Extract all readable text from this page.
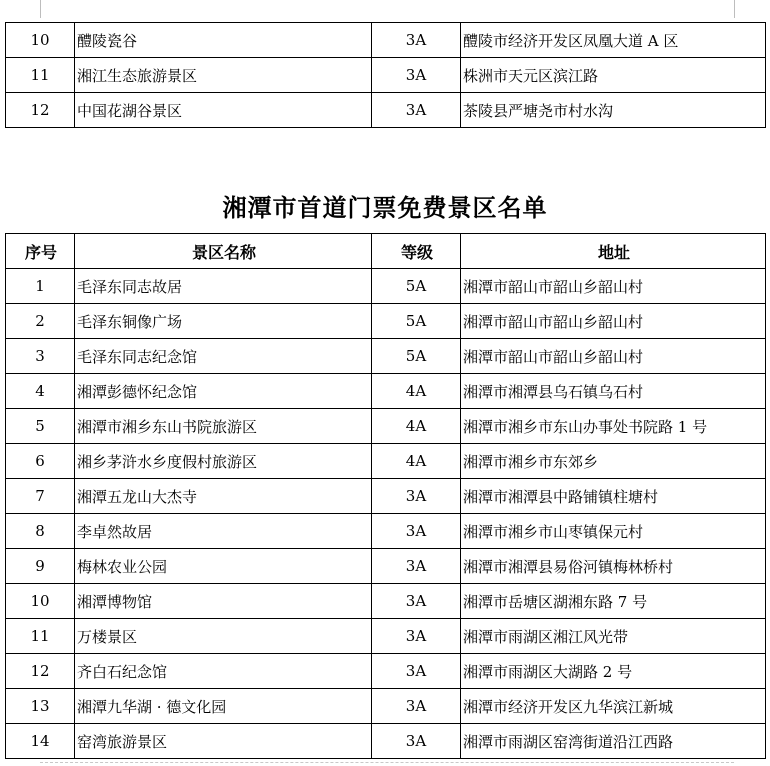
10	醴陵瓷谷	3A	醴陵市经济开发区凤凰大道 A 区
11	湘江生态旅游景区	3A	株洲市天元区滨江路
12	中国花湖谷景区	3A	茶陵县严塘尧市村水沟
湘潭市首道门票免费景区名单
序号	景区名称	等级	地址
1	毛泽东同志故居	5A	湘潭市韶山市韶山乡韶山村
2	毛泽东铜像广场	5A	湘潭市韶山市韶山乡韶山村
3	毛泽东同志纪念馆	5A	湘潭市韶山市韶山乡韶山村
4	湘潭彭德怀纪念馆	4A	湘潭市湘潭县乌石镇乌石村
5	湘潭市湘乡东山书院旅游区	4A	湘潭市湘乡市东山办事处书院路 1 号
6	湘乡茅浒水乡度假村旅游区	4A	湘潭市湘乡市东郊乡
7	湘潭五龙山大杰寺	3A	湘潭市湘潭县中路铺镇柱塘村
8	李卓然故居	3A	湘潭市湘乡市山枣镇保元村
9	梅林农业公园	3A	湘潭市湘潭县易俗河镇梅林桥村
10	湘潭博物馆	3A	湘潭市岳塘区湖湘东路 7 号
11	万楼景区	3A	湘潭市雨湖区湘江风光带
12	齐白石纪念馆	3A	湘潭市雨湖区大湖路 2 号
13	湘潭九华湖 · 德文化园	3A	湘潭市经济开发区九华滨江新城
14	窑湾旅游景区	3A	湘潭市雨湖区窑湾街道沿江西路
